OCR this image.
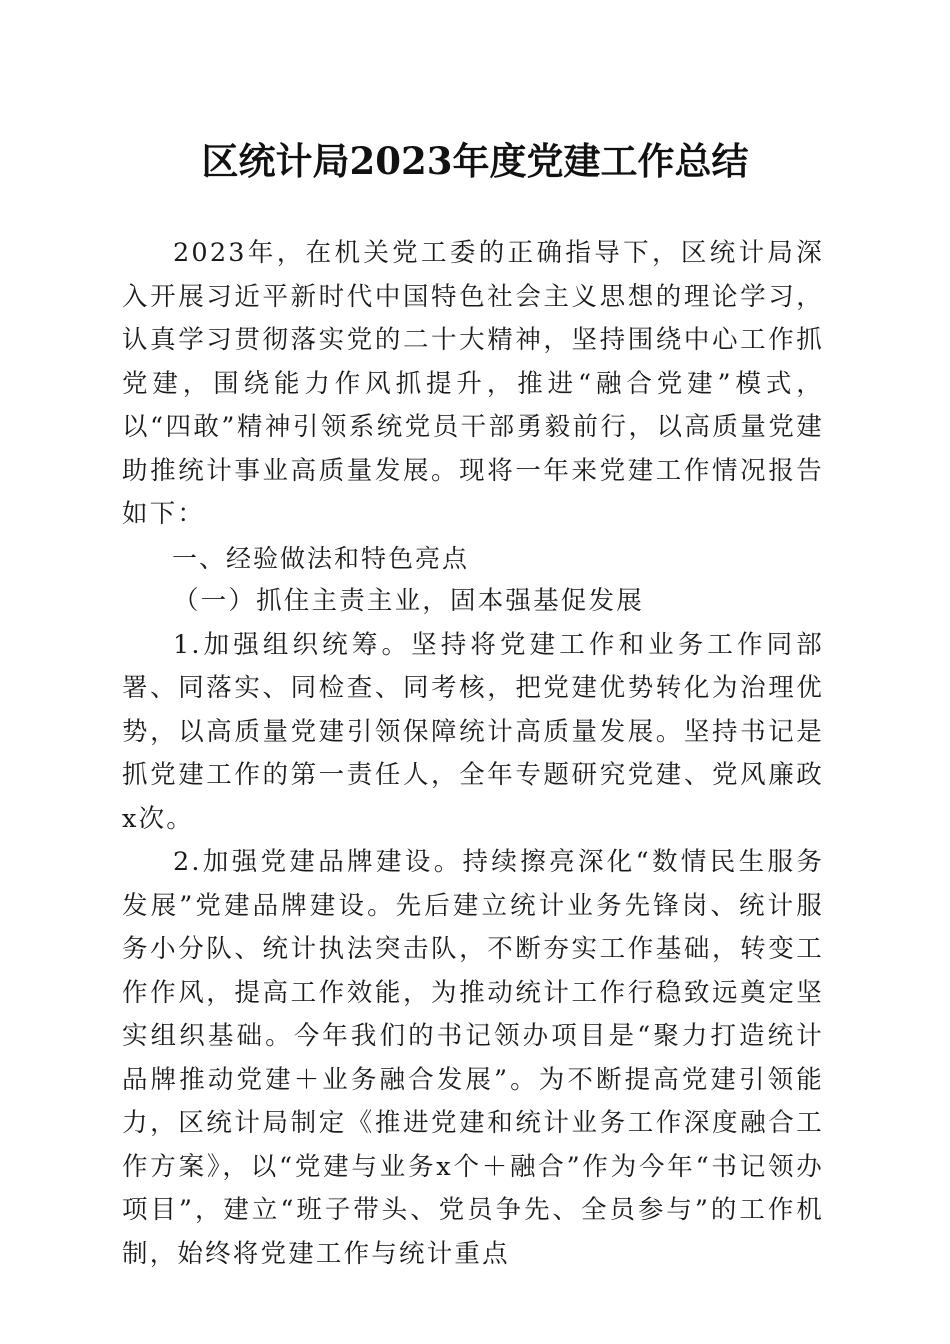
区统计局2023年度党建工作总结

2023年，在机关党工委的正确指导下，区统计局深入开展习近平新时代中国特色社会主义思想的理论学习，认真学习贯彻落实党的二十大精神，坚持围绕中心工作抓党建，围绕能力作风抓提升，推进“融合党建”模式，以“四敢”精神引领系统党员干部勇毅前行，以高质量党建助推统计事业高质量发展。现将一年来党建工作情况报告如下：

一、经验做法和特色亮点

（一）抓住主责主业，固本强基促发展

1.加强组织统筹。坚持将党建工作和业务工作同部署、同落实、同检查、同考核，把党建优势转化为治理优势，以高质量党建引领保障统计高质量发展。坚持书记是抓党建工作的第一责任人，全年专题研究党建、党风廉政x次。

2.加强党建品牌建设。持续擦亮深化“数情民生服务发展”党建品牌建设。先后建立统计业务先锋岗、统计服务小分队、统计执法突击队，不断夯实工作基础，转变工作作风，提高工作效能，为推动统计工作行稳致远奠定坚实组织基础。今年我们的书记领办项目是“聚力打造统计品牌推动党建＋业务融合发展”。为不断提高党建引领能力，区统计局制定《推进党建和统计业务工作深度融合工作方案》，以“党建与业务x个＋融合”作为今年“书记领办项目”，建立“班子带头、党员争先、全员参与”的工作机制，始终将党建工作与统计重点
